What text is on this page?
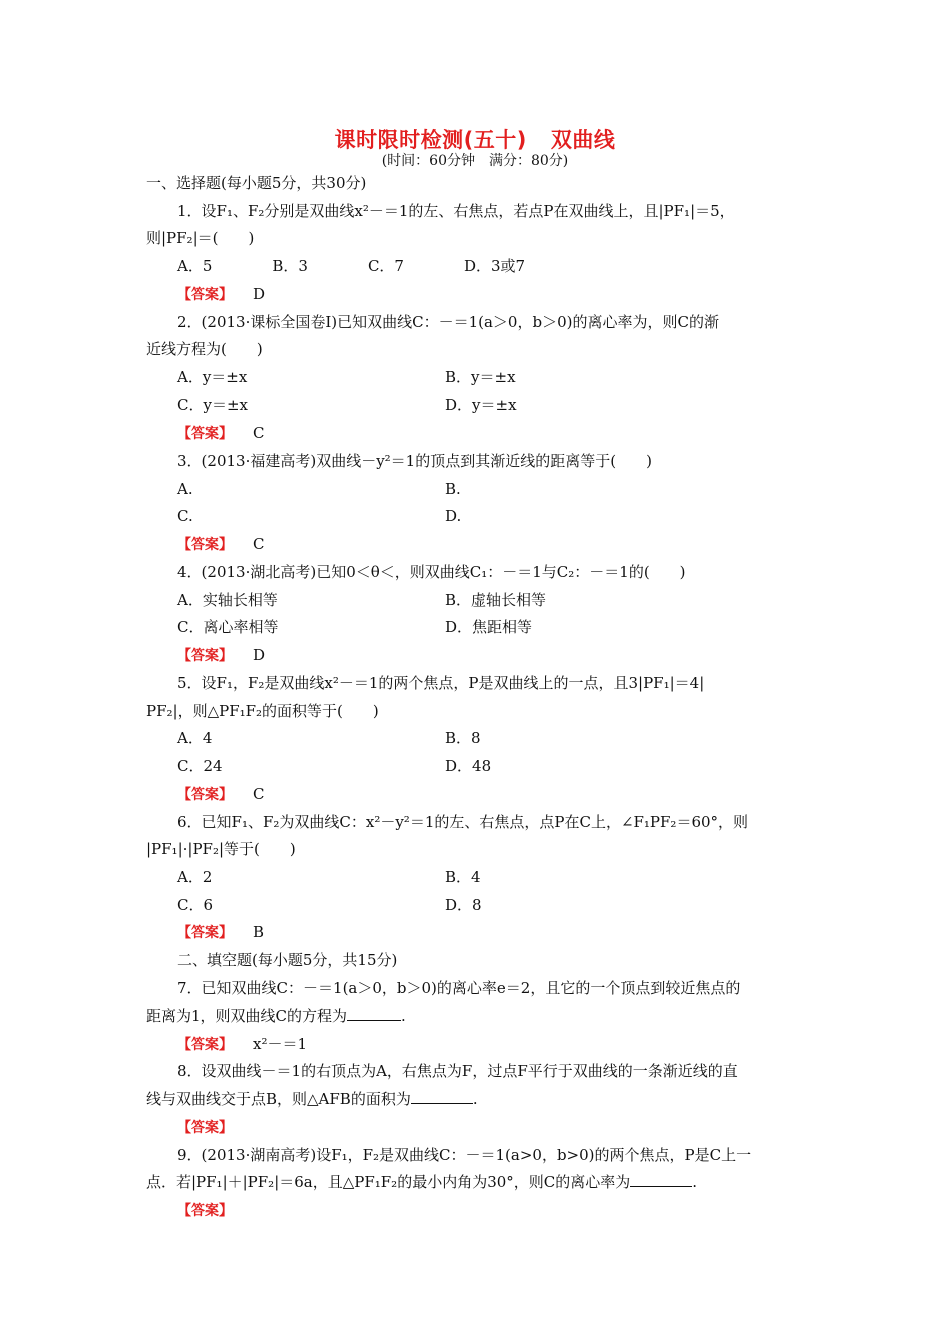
课时限时检测(五十) 双曲线
(时间：60分钟　满分：80分)
一、选择题(每小题5分，共30分)
1．设F₁、F₂分别是双曲线x²－＝1的左、右焦点，若点P在双曲线上，且|PF₁|＝5，
则|PF₂|＝(　　)
A．5　　　　B．3　　　　C．7　　　　D．3或7
【答案】 D
2．(2013·课标全国卷Ⅰ)已知双曲线C：－＝1(a＞0，b＞0)的离心率为，则C的渐
近线方程为(　　)
A．y＝±x	B．y＝±x
C．y＝±x	D．y＝±x
【答案】 C
3．(2013·福建高考)双曲线－y²＝1的顶点到其渐近线的距离等于(　　)
A.	B.
C.	D.
【答案】 C
4．(2013·湖北高考)已知0＜θ＜，则双曲线C₁：－＝1与C₂：－＝1的(　　)
A．实轴长相等	B．虚轴长相等
C．离心率相等	D．焦距相等
【答案】 D
5．设F₁，F₂是双曲线x²－＝1的两个焦点，P是双曲线上的一点，且3|PF₁|＝4|
PF₂|，则△PF₁F₂的面积等于(　　)
A．4	B．8
C．24	D．48
【答案】 C
6．已知F₁、F₂为双曲线C：x²－y²＝1的左、右焦点，点P在C上，∠F₁PF₂＝60°，则
|PF₁|·|PF₂|等于(　　)
A．2	B．4
C．6	D．8
【答案】 B
二、填空题(每小题5分，共15分)
7．已知双曲线C：－＝1(a＞0，b＞0)的离心率e＝2，且它的一个顶点到较近焦点的
距离为1，则双曲线C的方程为	.
【答案】 x²－＝1
8．设双曲线－＝1的右顶点为A，右焦点为F，过点F平行于双曲线的一条渐近线的直
线与双曲线交于点B，则△AFB的面积为	.
【答案】
9．(2013·湖南高考)设F₁，F₂是双曲线C：－＝1(a>0，b>0)的两个焦点，P是C上一
点．若|PF₁|＋|PF₂|＝6a，且△PF₁F₂的最小内角为30°，则C的离心率为	.
【答案】
